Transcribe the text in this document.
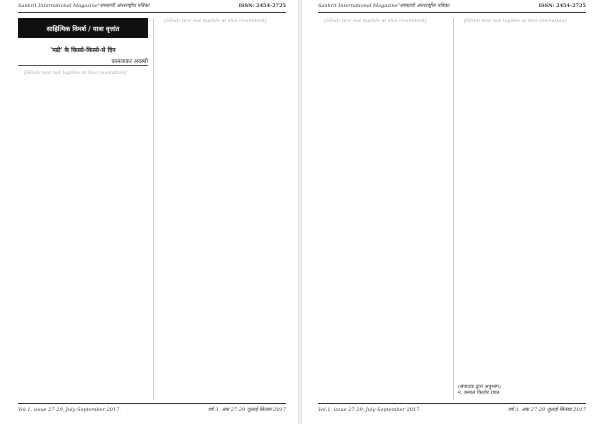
Sankrit International Magazine"साम्प्राची अंतरराष्ट्रीय पत्रिका	ISSN: 2454-2725
साहित्यिक विमर्श / यात्रा वृत्तांत
'मडी' के किस्से-किस्से-से दिन
कामलाकर अवस्थी

[Hindi text not legible at this resolution]

[Hindi text not legible at this resolution]

Vol.1, issue 27-29, July-September 2017.	वर्ष 3, अंक 27-29 जुलाई-सितंबर 2017
Sankrit International Magazine"साम्प्राची अंतरराष्ट्रीय पत्रिका	ISSN: 2454-2725

[Hindi text not legible at this resolution]	[Hindi text not legible at this resolution]

(संपादक द्वारा अनुभाग)
न. कमाल किशोर रावत
Vol.1, issue 27-29, July-September 2017.	वर्ष 3, अंक 27-29 जुलाई-सितंबर 2017
